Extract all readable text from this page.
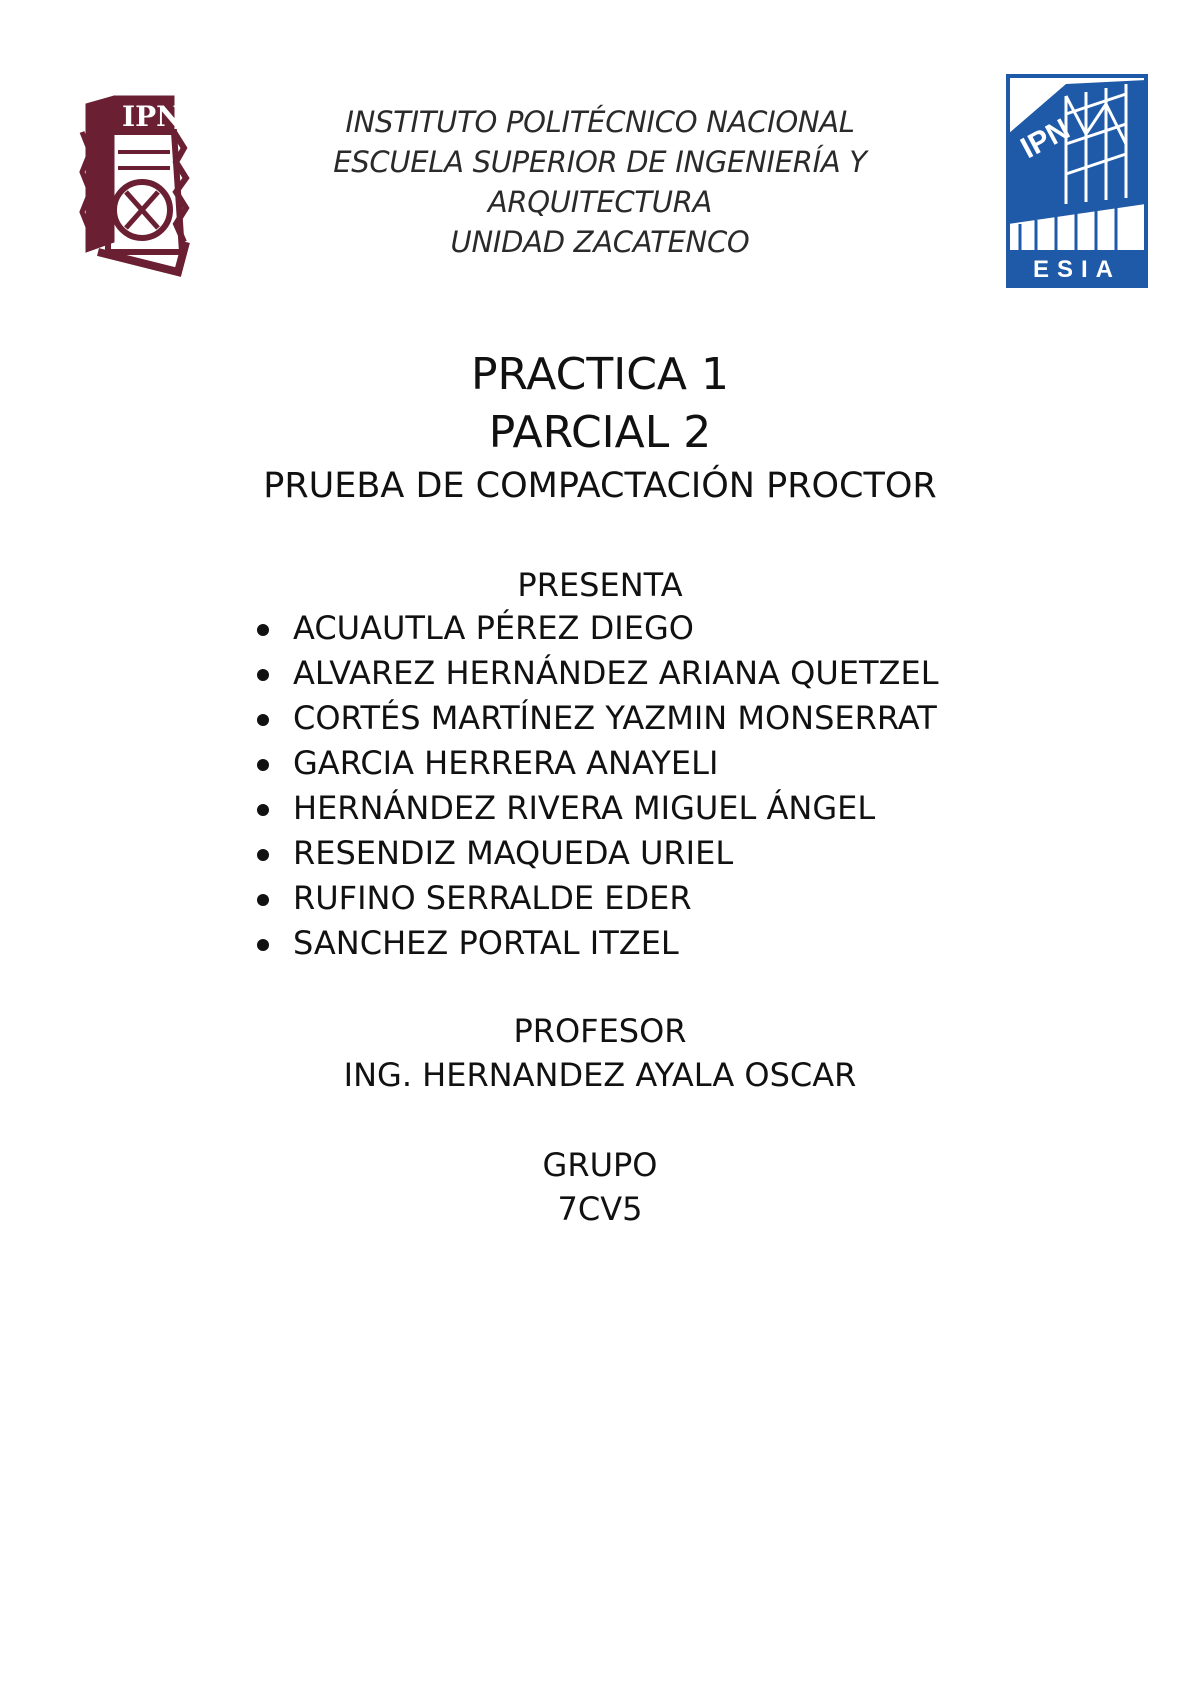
IPN	IPN
ESIA
INSTITUTO POLITÉCNICO NACIONAL
ESCUELA SUPERIOR DE INGENIERÍA Y
ARQUITECTURA
UNIDAD ZACATENCO
PRACTICA 1
PARCIAL 2
PRUEBA DE COMPACTACIÓN PROCTOR
PRESENTA
ACUAUTLA PÉREZ DIEGO
ALVAREZ HERNÁNDEZ ARIANA QUETZEL
CORTÉS MARTÍNEZ YAZMIN MONSERRAT
GARCIA HERRERA ANAYELI
HERNÁNDEZ RIVERA MIGUEL ÁNGEL
RESENDIZ MAQUEDA URIEL
RUFINO SERRALDE EDER
SANCHEZ PORTAL ITZEL
PROFESOR
ING. HERNANDEZ AYALA OSCAR
GRUPO
7CV5
